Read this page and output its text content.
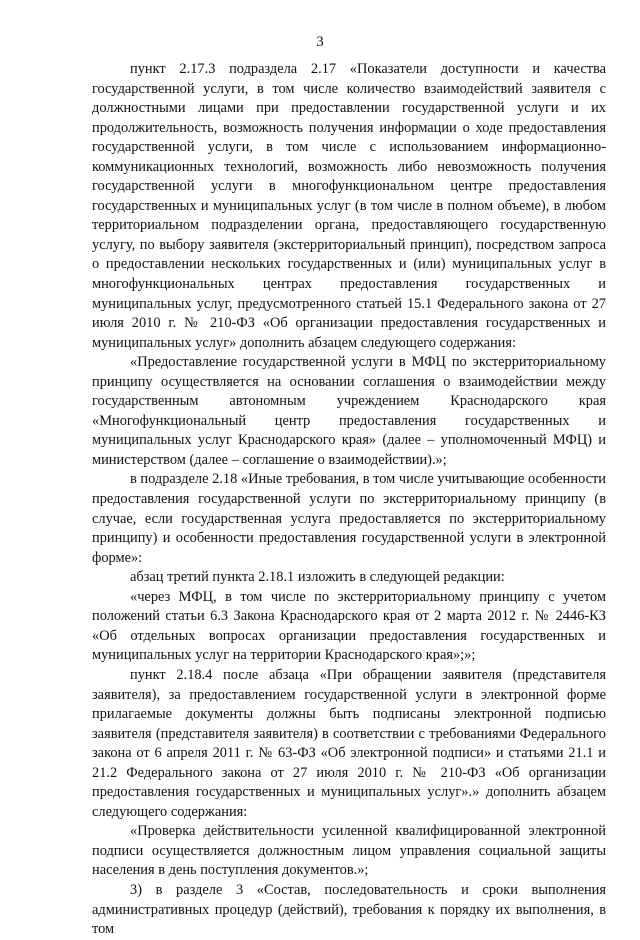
3

пункт 2.17.3 подраздела 2.17 «Показатели доступности и качества государственной услуги, в том числе количество взаимодействий заявителя с должностными лицами при предоставлении государственной услуги и их продолжительность, возможность получения информации о ходе предоставления государственной услуги, в том числе с использованием информационно-коммуникационных технологий, возможность либо невозможность получения государственной услуги в многофункциональном центре предоставления государственных и муниципальных услуг (в том числе в полном объеме), в любом территориальном подразделении органа, предоставляющего государственную услугу, по выбору заявителя (экстерриториальный принцип), посредством запроса о предоставлении нескольких государственных и (или) муниципальных услуг в многофункциональных центрах предоставления государственных и муниципальных услуг, предусмотренного статьей 15.1 Федерального закона от 27 июля 2010 г. № 210-ФЗ «Об организации предоставления государственных и муниципальных услуг» дополнить абзацем следующего содержания:

«Предоставление государственной услуги в МФЦ по экстерриториальному принципу осуществляется на основании соглашения о взаимодействии между государственным автономным учреждением Краснодарского края «Многофункциональный центр предоставления государственных и муниципальных услуг Краснодарского края» (далее – уполномоченный МФЦ) и министерством (далее – соглашение о взаимодействии).»;

в подразделе 2.18 «Иные требования, в том числе учитывающие особенности предоставления государственной услуги по экстерриториальному принципу (в случае, если государственная услуга предоставляется по экстерриториальному принципу) и особенности предоставления государственной услуги в электронной форме»:

абзац третий пункта 2.18.1 изложить в следующей редакции:

«через МФЦ, в том числе по экстерриториальному принципу с учетом положений статьи 6.3 Закона Краснодарского края от 2 марта 2012 г. № 2446-КЗ «Об отдельных вопросах организации предоставления государственных и муниципальных услуг на территории Краснодарского края»;»;

пункт 2.18.4 после абзаца «При обращении заявителя (представителя заявителя), за предоставлением государственной услуги в электронной форме прилагаемые документы должны быть подписаны электронной подписью заявителя (представителя заявителя) в соответствии с требованиями Федерального закона от 6 апреля 2011 г. № 63-ФЗ «Об электронной подписи» и статьями 21.1 и 21.2 Федерального закона от 27 июля 2010 г. № 210-ФЗ «Об организации предоставления государственных и муниципальных услуг».» дополнить абзацем следующего содержания:

«Проверка действительности усиленной квалифицированной электронной подписи осуществляется должностным лицом управления социальной защиты населения в день поступления документов.»;

3) в разделе 3 «Состав, последовательность и сроки выполнения административных процедур (действий), требования к порядку их выполнения, в том
